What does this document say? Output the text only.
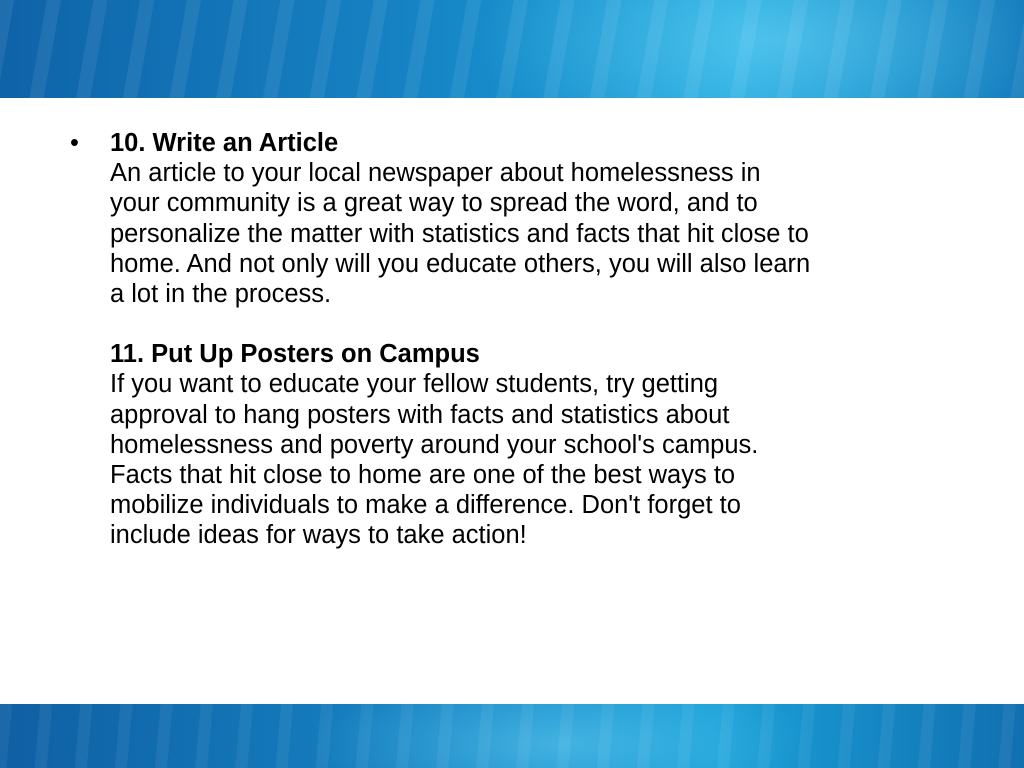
•	10. Write an Article
An article to your local newspaper about homelessness in
your community is a great way to spread the word, and to
personalize the matter with statistics and facts that hit close to
home. And not only will you educate others, you will also learn
a lot in the process.
11. Put Up Posters on Campus
If you want to educate your fellow students, try getting
approval to hang posters with facts and statistics about
homelessness and poverty around your school's campus.
Facts that hit close to home are one of the best ways to
mobilize individuals to make a difference. Don't forget to
include ideas for ways to take action!
